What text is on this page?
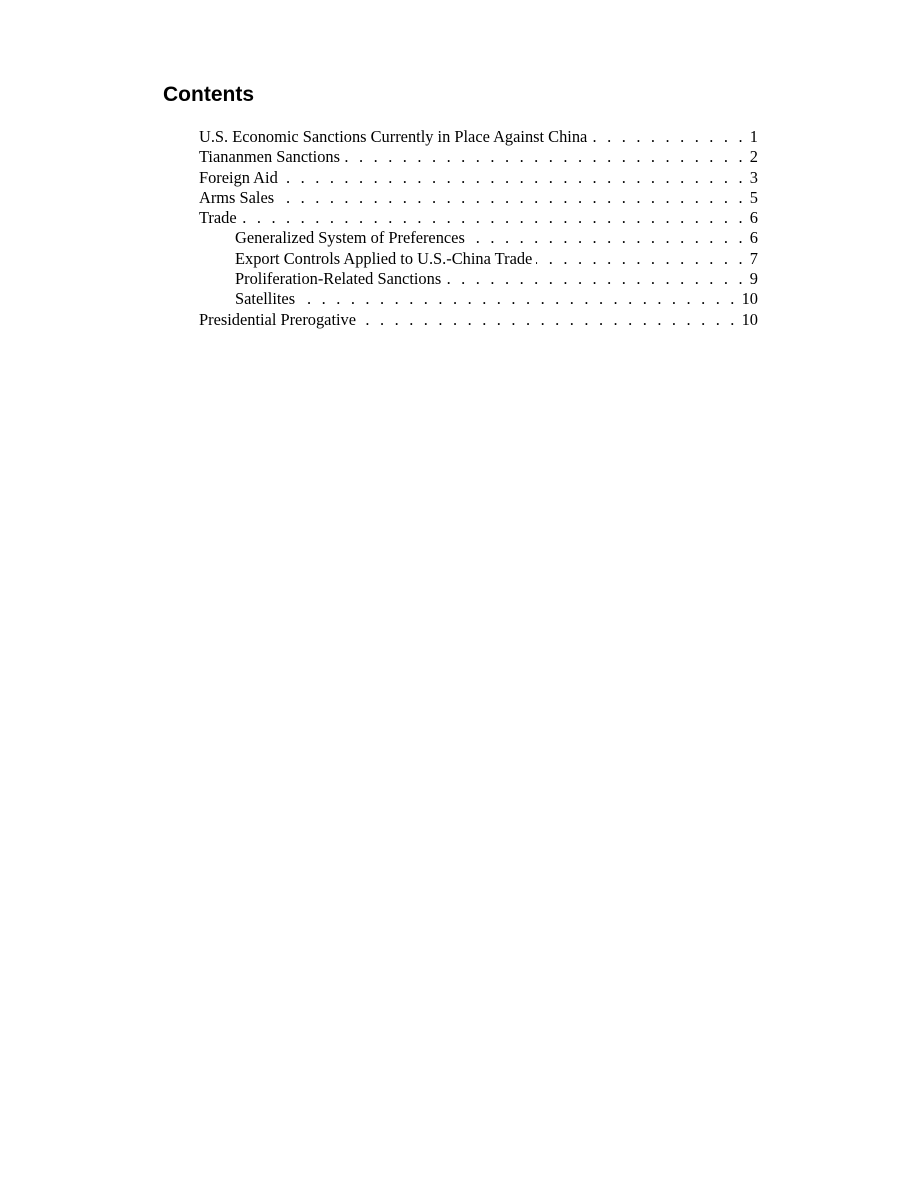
Contents
U.S. Economic Sanctions Currently in Place Against China . . .	1
Tiananmen Sanctions . . .	2
Foreign Aid . . .	3
Arms Sales . . .	5
Trade . . .	6
Generalized System of Preferences . . .	6
Export Controls Applied to U.S.-China Trade . . .	7
Proliferation-Related Sanctions . . .	9
Satellites . . .	10
Presidential Prerogative . . .	10
